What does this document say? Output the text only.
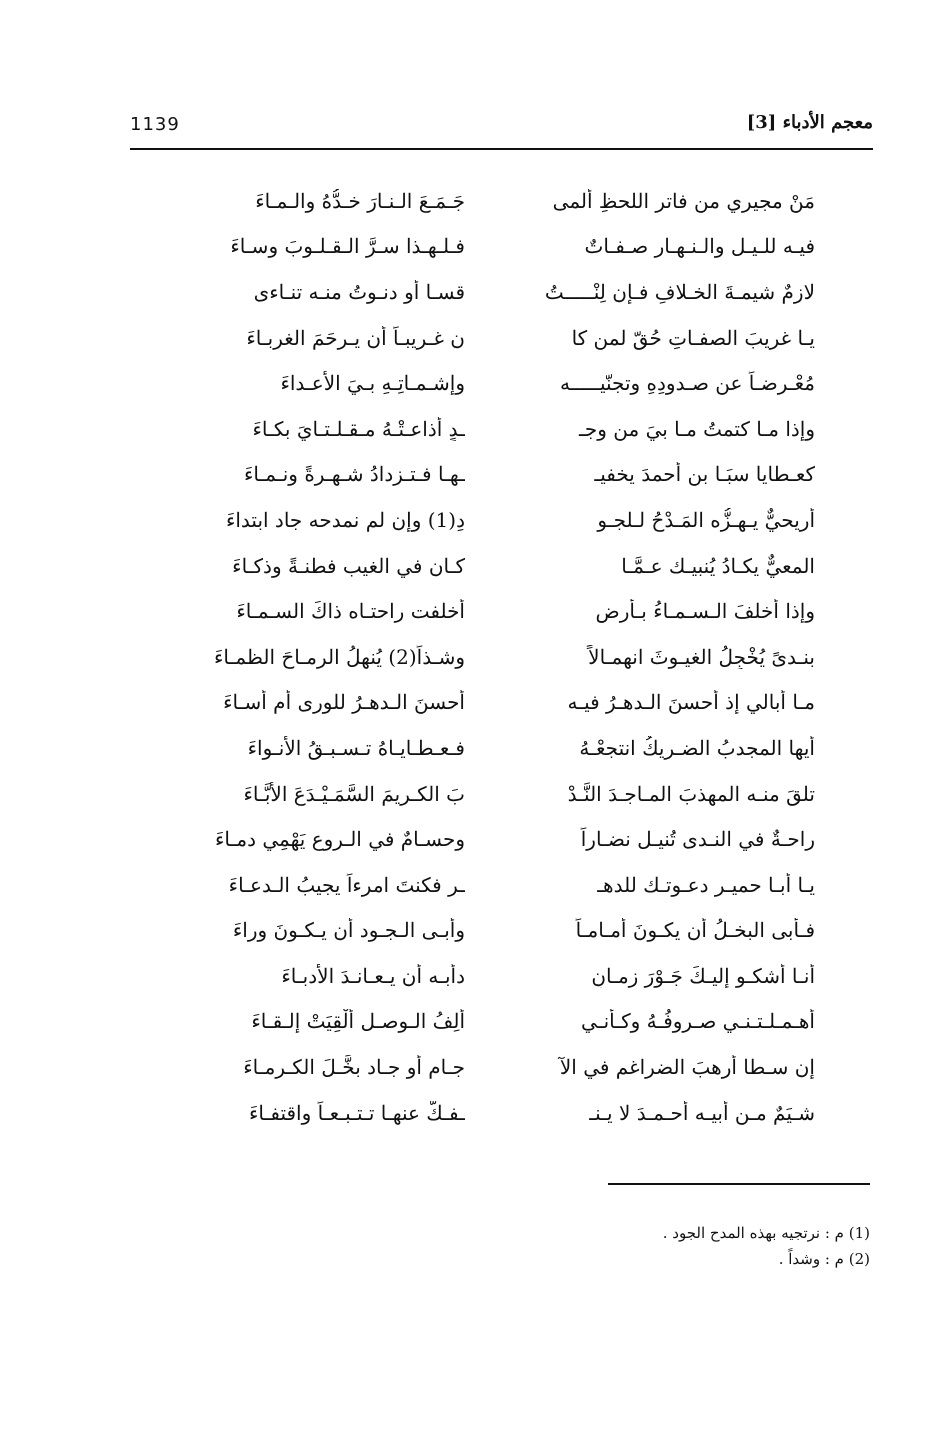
1139	معجم الأدباء [3]
مَنْ مجيري من فاترِ اللحظِ ألمى
جَـمَـعَ الـنـارَ خـدُّهُ والـمـاءَ
فيـه للـيـلِ والـنـهـارِ صـفـاتٌ
فـلـهـذا سـرَّ الـقـلـوبَ وسـاءَ
لازمٌ شيمـةَ الخـلافِ فـإن لِنْـــــتُ
قسـا أو دنـوتُ منـه تنـاءى
يـا غريبَ الصفـاتِ حُقّ لمن كا
ن غـريبـاً أن يـرحَمَ الغربـاءَ
مُعْـرِضـاً عن صـدودِهِ وتجنّيـــــه
وإشـمـاتِـهِ بـيَ الأعـداءَ
وإذا مـا كتمتُ مـا بيَ من وجـ
ـدٍ أذاعـتْـهُ مـقـلـتـايَ بكـاءَ
كعـطايا سبَـا بن أحمدَ يخفيـ
ـهـا فـتـزدادُ شـهـرةً ونـمـاءَ
أريحيٌّ يـهـزُّه المَـدْحُ لـلجـو
دِ(1) وإن لم نمدحه جاد ابتداءَ
المعيٌّ يكـادُ يُنبيـك عـمَّـا
كـان في الغيب فطنـةً وذكـاءَ
وإذا أخلفَ الـسـمـاءُ بـأرضٍ
أخلفت راحتـاه ذاكَ السـمـاءَ
بنـدىً يُخْجِلُ الغيـوثَ انهمـالاً
وشـذاً(2) يُنهِلُ الرمـاحَ الظمـاءَ
مـا أُبالي إذ أحسنَ الـدهـرُ فيـه
أحسنَ الـدهـرُ للورى أم أسـاءَ
أيها المجدبُ الضـريكُ انتجعْـهُ
فـعـطـايـاهُ تـسـبـقُ الأنـواءَ
تلقَ منـه المهذبَ المـاجـدَ النَّـدْ
بَ الكـريمَ السَّمَـيْـدَعَ الأبَّـاءَ
راحـةٌ في النـدى تُنيـل نضـاراً
وحسـامٌ في الـروع يَهْمِي دمـاءَ
يـا أبـا حميـرٍ دعـوتـك للدهـ
ـرِ فكنتَ امرءاً يجيبُ الـدعـاءَ
فـأبى البخـلُ أن يكـونَ أمـامـاً
وأبـى الـجـود أن يـكـونَ وراءَ
أنـا أشكـو إليـكَ جَـوْرَ زمـانٍ
دأبـه أن يـعـانـدَ الأدبـاءَ
أهـمـلـتـنـي صـروفُـهُ وكـأنـي
أَلِفُ الـوصـلِ أُلْقِيَتْ إلـقـاءَ
إن سـطا أرهبَ الضراغم في الآ
جـام أو جـاد بخَّـلَ الكـرمـاءَ
شـيَمٌ مـن أبيـه أحـمـدَ لا يـنـ
ـفـكُّ عنهـا تـتـبـعـاً واقتفـاءَ
(1) م : نرتجيه بهذه المدح الجود .
(2) م : وشداً .
